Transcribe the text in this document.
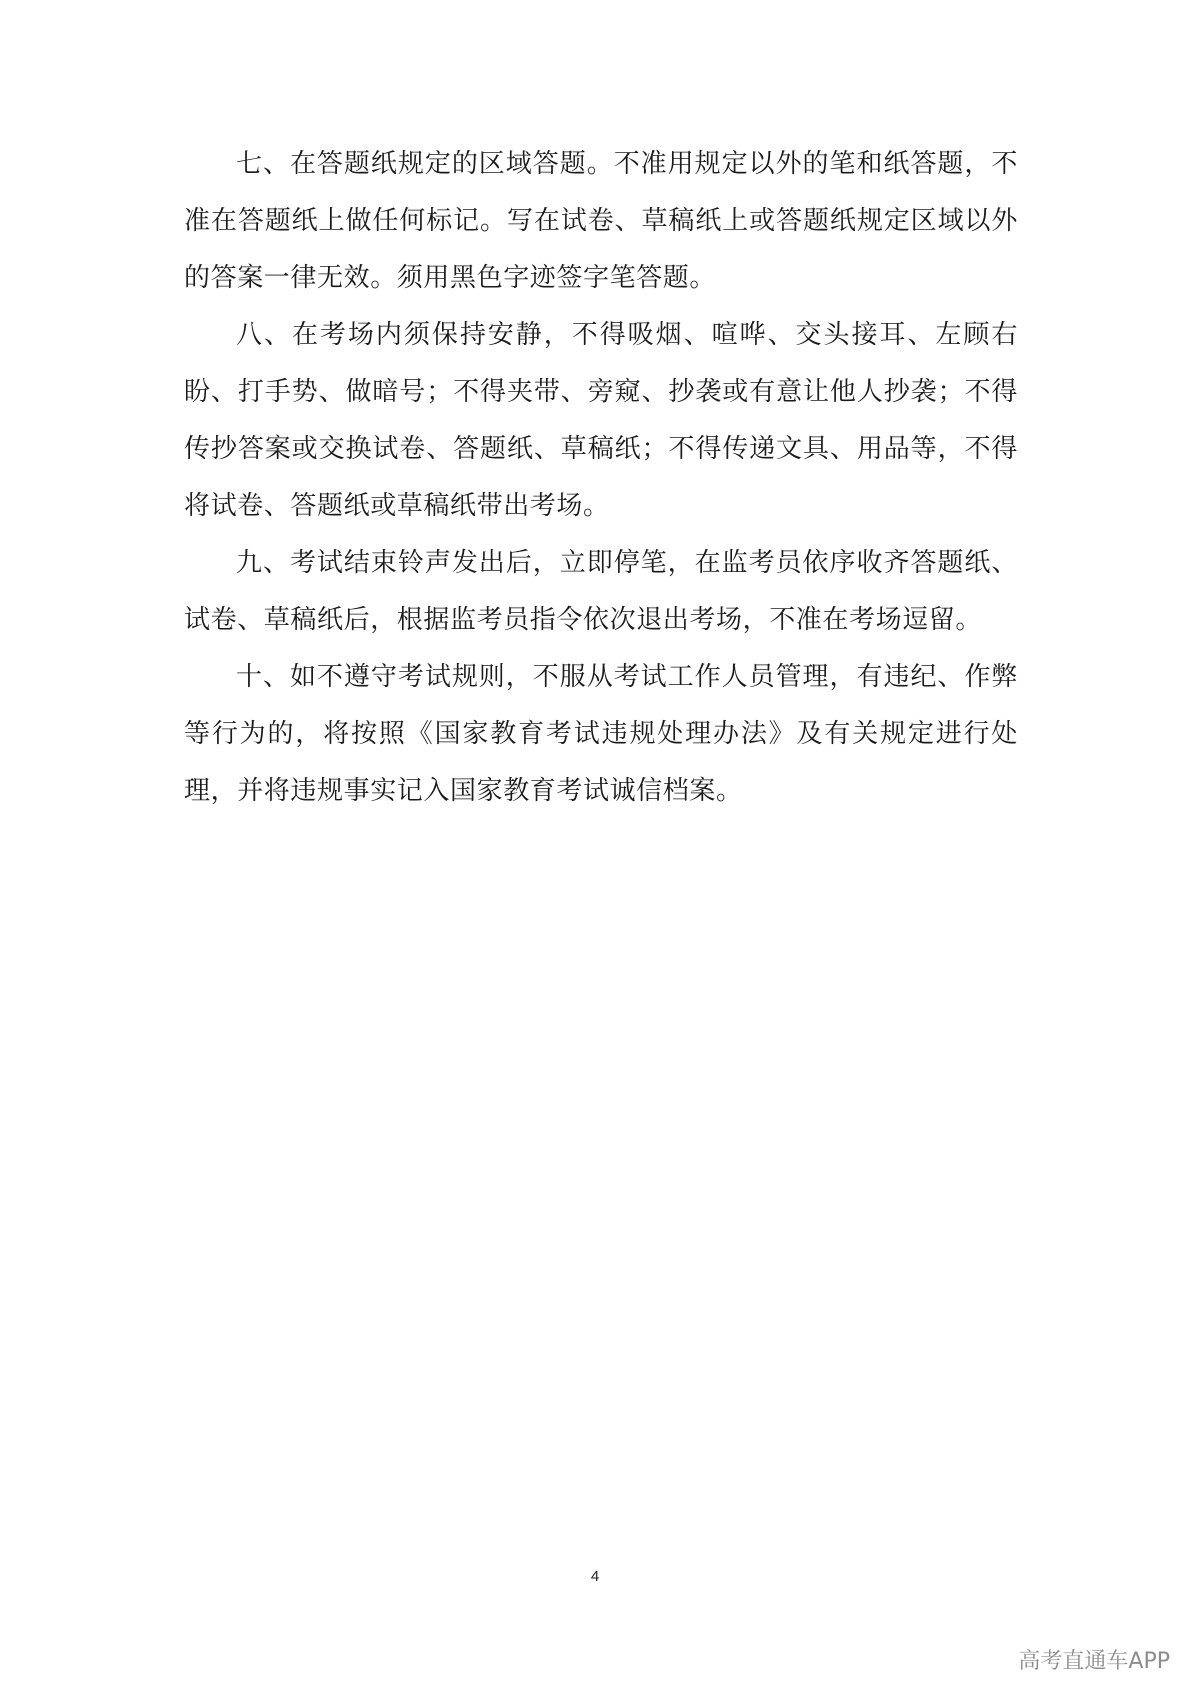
七、在答题纸规定的区域答题。不准用规定以外的笔和纸答题，不准在答题纸上做任何标记。写在试卷、草稿纸上或答题纸规定区域以外的答案一律无效。须用黑色字迹签字笔答题。

八、在考场内须保持安静，不得吸烟、喧哗、交头接耳、左顾右盼、打手势、做暗号；不得夹带、旁窥、抄袭或有意让他人抄袭；不得传抄答案或交换试卷、答题纸、草稿纸；不得传递文具、用品等，不得将试卷、答题纸或草稿纸带出考场。

九、考试结束铃声发出后，立即停笔，在监考员依序收齐答题纸、试卷、草稿纸后，根据监考员指令依次退出考场，不准在考场逗留。

十、如不遵守考试规则，不服从考试工作人员管理，有违纪、作弊等行为的，将按照《国家教育考试违规处理办法》及有关规定进行处理，并将违规事实记入国家教育考试诚信档案。

4
高考直通车APP
